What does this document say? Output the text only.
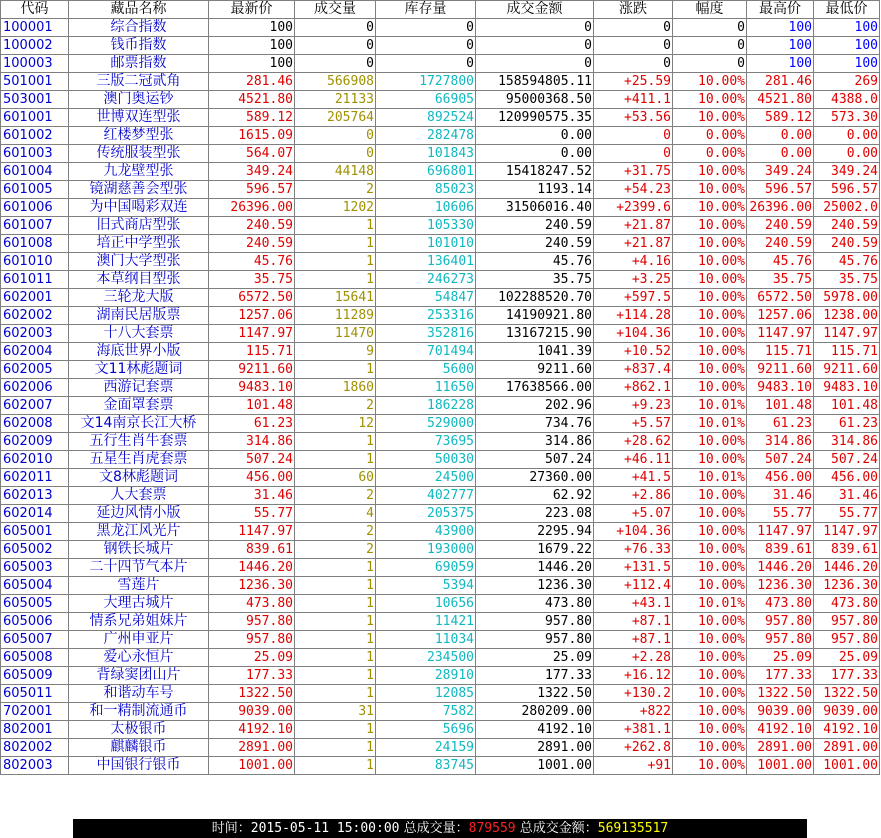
代码	藏品名称	最新价	成交量	库存量	成交金额	涨跌	幅度	最高价	最低价
100001	综合指数	100	0	0	0	0	0	100	100
100002	钱币指数	100	0	0	0	0	0	100	100
100003	邮票指数	100	0	0	0	0	0	100	100
501001	三版二冠贰角	281.46	566908	1727800	158594805.11	+25.59	10.00%	281.46	269
503001	澳门奥运钞	4521.80	21133	66905	95000368.50	+411.1	10.00%	4521.80	4388.0
601001	世博双连型张	589.12	205764	892524	120990575.35	+53.56	10.00%	589.12	573.30
601002	红楼梦型张	1615.09	0	282478	0.00	0	0.00%	0.00	0.00
601003	传统服装型张	564.07	0	101843	0.00	0	0.00%	0.00	0.00
601004	九龙壁型张	349.24	44148	696801	15418247.52	+31.75	10.00%	349.24	349.24
601005	镜湖慈善会型张	596.57	2	85023	1193.14	+54.23	10.00%	596.57	596.57
601006	为中国喝彩双连	26396.00	1202	10606	31506016.40	+2399.6	10.00%	26396.00	25002.0
601007	旧式商店型张	240.59	1	105330	240.59	+21.87	10.00%	240.59	240.59
601008	培正中学型张	240.59	1	101010	240.59	+21.87	10.00%	240.59	240.59
601010	澳门大学型张	45.76	1	136401	45.76	+4.16	10.00%	45.76	45.76
601011	本草纲目型张	35.75	1	246273	35.75	+3.25	10.00%	35.75	35.75
602001	三轮龙大版	6572.50	15641	54847	102288520.70	+597.5	10.00%	6572.50	5978.00
602002	湖南民居版票	1257.06	11289	253316	14190921.80	+114.28	10.00%	1257.06	1238.00
602003	十八大套票	1147.97	11470	352816	13167215.90	+104.36	10.00%	1147.97	1147.97
602004	海底世界小版	115.71	9	701494	1041.39	+10.52	10.00%	115.71	115.71
602005	文11林彪题词	9211.60	1	5600	9211.60	+837.4	10.00%	9211.60	9211.60
602006	西游记套票	9483.10	1860	11650	17638566.00	+862.1	10.00%	9483.10	9483.10
602007	金面罩套票	101.48	2	186228	202.96	+9.23	10.01%	101.48	101.48
602008	文14南京长江大桥	61.23	12	529000	734.76	+5.57	10.01%	61.23	61.23
602009	五行生肖牛套票	314.86	1	73695	314.86	+28.62	10.00%	314.86	314.86
602010	五星生肖虎套票	507.24	1	50030	507.24	+46.11	10.00%	507.24	507.24
602011	文8林彪题词	456.00	60	24500	27360.00	+41.5	10.01%	456.00	456.00
602013	人大套票	31.46	2	402777	62.92	+2.86	10.00%	31.46	31.46
602014	延边风情小版	55.77	4	205375	223.08	+5.07	10.00%	55.77	55.77
605001	黑龙江风光片	1147.97	2	43900	2295.94	+104.36	10.00%	1147.97	1147.97
605002	钢铁长城片	839.61	2	193000	1679.22	+76.33	10.00%	839.61	839.61
605003	二十四节气本片	1446.20	1	69059	1446.20	+131.5	10.00%	1446.20	1446.20
605004	雪莲片	1236.30	1	5394	1236.30	+112.4	10.00%	1236.30	1236.30
605005	大理古城片	473.80	1	10656	473.80	+43.1	10.01%	473.80	473.80
605006	情系兄弟姐妹片	957.80	1	11421	957.80	+87.1	10.00%	957.80	957.80
605007	广州申亚片	957.80	1	11034	957.80	+87.1	10.00%	957.80	957.80
605008	爱心永恒片	25.09	1	234500	25.09	+2.28	10.00%	25.09	25.09
605009	背绿窦团山片	177.33	1	28910	177.33	+16.12	10.00%	177.33	177.33
605011	和谐动车号	1322.50	1	12085	1322.50	+130.2	10.00%	1322.50	1322.50
702001	和一精制流通币	9039.00	31	7582	280209.00	+822	10.00%	9039.00	9039.00
802001	太极银币	4192.10	1	5696	4192.10	+381.1	10.00%	4192.10	4192.10
802002	麒麟银币	2891.00	1	24159	2891.00	+262.8	10.00%	2891.00	2891.00
802003	中国银行银币	1001.00	1	83745	1001.00	+91	10.00%	1001.00	1001.00
时间：2015-05-11 15:00:00 总成交量：879559 总成交金额：569135517
